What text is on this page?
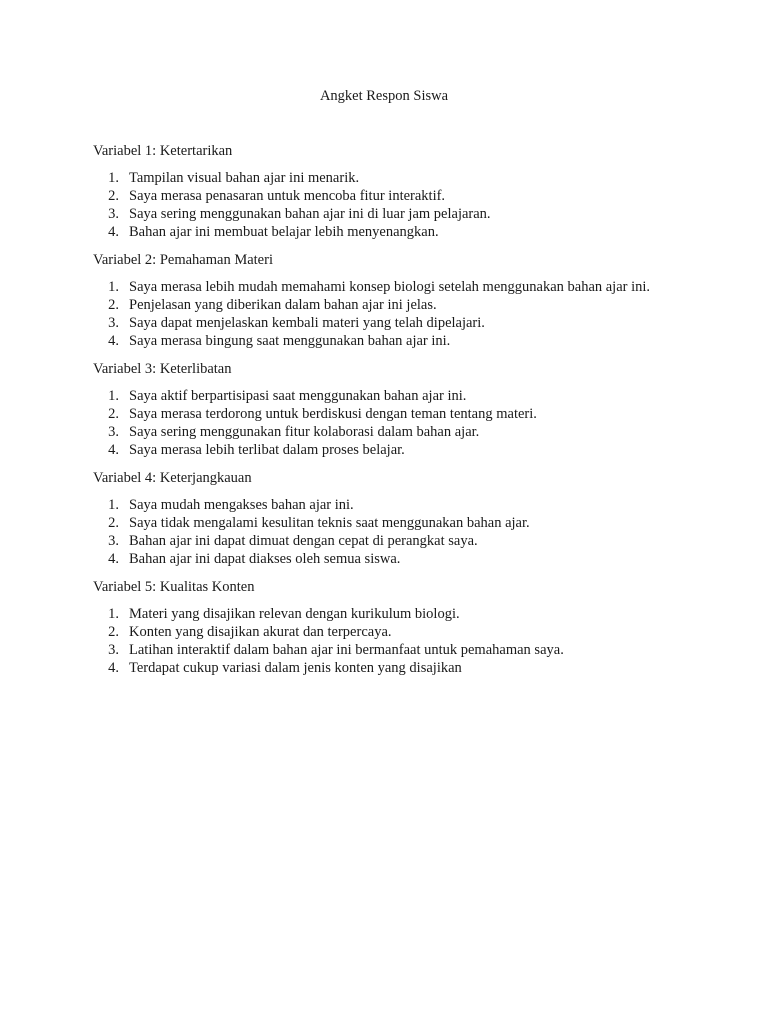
Angket Respon Siswa

Variabel 1: Ketertarikan

1. Tampilan visual bahan ajar ini menarik.
2. Saya merasa penasaran untuk mencoba fitur interaktif.
3. Saya sering menggunakan bahan ajar ini di luar jam pelajaran.
4. Bahan ajar ini membuat belajar lebih menyenangkan.

Variabel 2: Pemahaman Materi

1. Saya merasa lebih mudah memahami konsep biologi setelah menggunakan bahan ajar ini.
2. Penjelasan yang diberikan dalam bahan ajar ini jelas.
3. Saya dapat menjelaskan kembali materi yang telah dipelajari.
4. Saya merasa bingung saat menggunakan bahan ajar ini.

Variabel 3: Keterlibatan

1. Saya aktif berpartisipasi saat menggunakan bahan ajar ini.
2. Saya merasa terdorong untuk berdiskusi dengan teman tentang materi.
3. Saya sering menggunakan fitur kolaborasi dalam bahan ajar.
4. Saya merasa lebih terlibat dalam proses belajar.

Variabel 4: Keterjangkauan

1. Saya mudah mengakses bahan ajar ini.
2. Saya tidak mengalami kesulitan teknis saat menggunakan bahan ajar.
3. Bahan ajar ini dapat dimuat dengan cepat di perangkat saya.
4. Bahan ajar ini dapat diakses oleh semua siswa.

Variabel 5: Kualitas Konten

1. Materi yang disajikan relevan dengan kurikulum biologi.
2. Konten yang disajikan akurat dan terpercaya.
3. Latihan interaktif dalam bahan ajar ini bermanfaat untuk pemahaman saya.
4. Terdapat cukup variasi dalam jenis konten yang disajikan
